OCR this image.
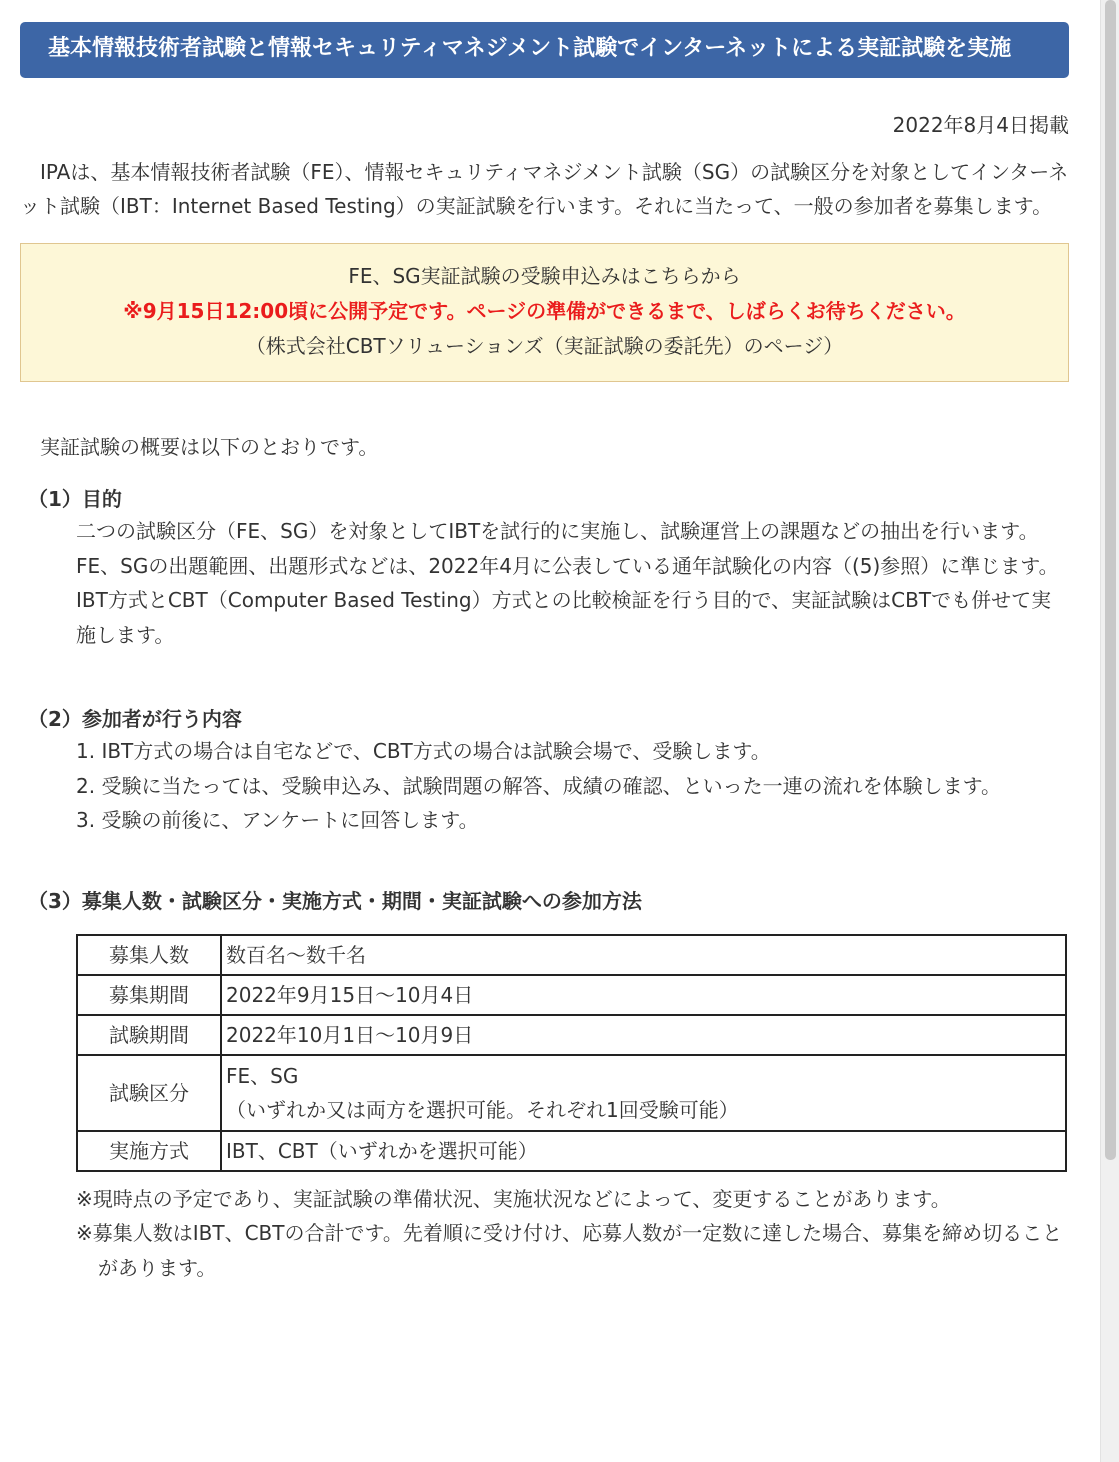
基本情報技術者試験と情報セキュリティマネジメント試験でインターネットによる実証試験を実施
2022年8月4日掲載
IPAは、基本情報技術者試験（FE）、情報セキュリティマネジメント試験（SG）の試験区分を対象としてインターネット試験（IBT：Internet Based Testing）の実証試験を行います。それに当たって、一般の参加者を募集します。
FE、SG実証試験の受験申込みはこちらから
※9月15日12:00頃に公開予定です。ページの準備ができるまで、しばらくお待ちください。
（株式会社CBTソリューションズ（実証試験の委託先）のページ）
実証試験の概要は以下のとおりです。
（1）目的
二つの試験区分（FE、SG）を対象としてIBTを試行的に実施し、試験運営上の課題などの抽出を行います。FE、SGの出題範囲、出題形式などは、2022年4月に公表している通年試験化の内容（(5)参照）に準じます。
IBT方式とCBT（Computer Based Testing）方式との比較検証を行う目的で、実証試験はCBTでも併せて実施します。
（2）参加者が行う内容
1. IBT方式の場合は自宅などで、CBT方式の場合は試験会場で、受験します。
2. 受験に当たっては、受験申込み、試験問題の解答、成績の確認、といった一連の流れを体験します。
3. 受験の前後に、アンケートに回答します。
（3）募集人数・試験区分・実施方式・期間・実証試験への参加方法
募集人数	数百名～数千名
募集期間	2022年9月15日～10月4日
試験期間	2022年10月1日～10月9日
試験区分	FE、SG
（いずれか又は両方を選択可能。それぞれ1回受験可能）

実施方式	IBT、CBT（いずれかを選択可能）

※現時点の予定であり、実証試験の準備状況、実施状況などによって、変更することがあります。

※募集人数はIBT、CBTの合計です。先着順に受け付け、応募人数が一定数に達した場合、募集を締め切ることがあります。
